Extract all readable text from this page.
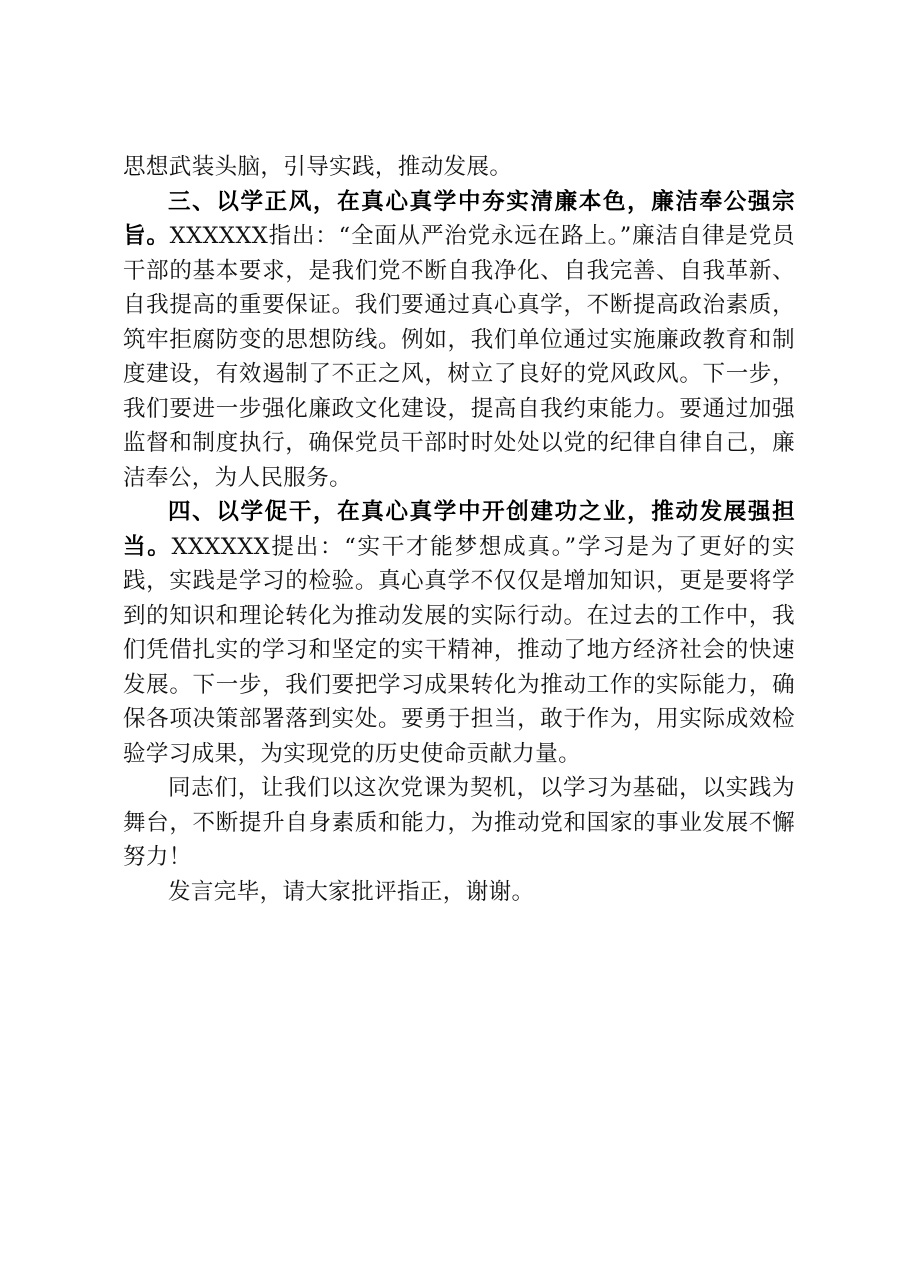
思想武装头脑，引导实践，推动发展。

三、以学正风，在真心真学中夯实清廉本色，廉洁奉公强宗旨。XXXXXX指出：“全面从严治党永远在路上。”廉洁自律是党员干部的基本要求，是我们党不断自我净化、自我完善、自我革新、自我提高的重要保证。我们要通过真心真学，不断提高政治素质，筑牢拒腐防变的思想防线。例如，我们单位通过实施廉政教育和制度建设，有效遏制了不正之风，树立了良好的党风政风。下一步，我们要进一步强化廉政文化建设，提高自我约束能力。要通过加强监督和制度执行，确保党员干部时时处处以党的纪律自律自己，廉洁奉公，为人民服务。

四、以学促干，在真心真学中开创建功之业，推动发展强担当。XXXXXX提出：“实干才能梦想成真。”学习是为了更好的实践，实践是学习的检验。真心真学不仅仅是增加知识，更是要将学到的知识和理论转化为推动发展的实际行动。在过去的工作中，我们凭借扎实的学习和坚定的实干精神，推动了地方经济社会的快速发展。下一步，我们要把学习成果转化为推动工作的实际能力，确保各项决策部署落到实处。要勇于担当，敢于作为，用实际成效检验学习成果，为实现党的历史使命贡献力量。

同志们，让我们以这次党课为契机，以学习为基础，以实践为舞台，不断提升自身素质和能力，为推动党和国家的事业发展不懈努力！

发言完毕，请大家批评指正，谢谢。
